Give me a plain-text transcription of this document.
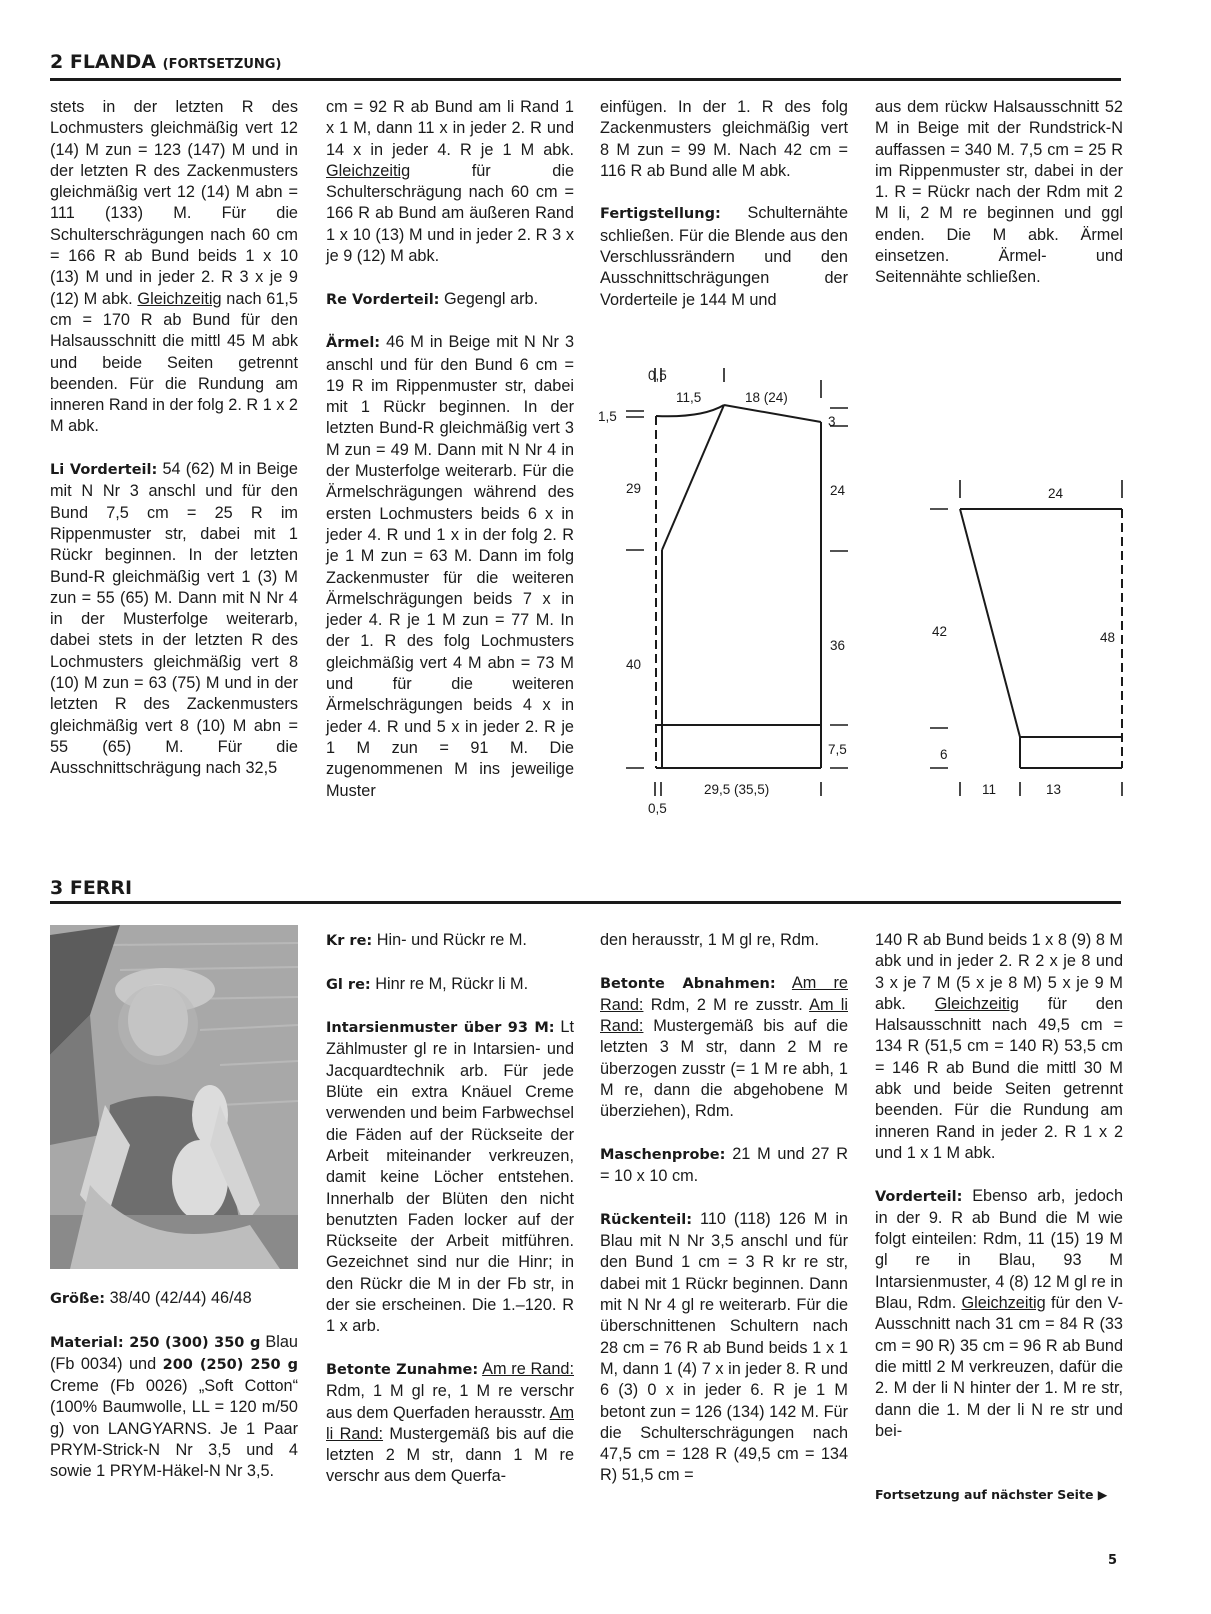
2 FLANDA (FORTSETZUNG)

stets in der letzten R des Lochmusters gleichmäßig vert 12 (14) M zun = 123 (147) M und in der letzten R des Zackenmusters gleichmäßig vert 12 (14) M abn = 111 (133) M. Für die Schulterschrägungen nach 60 cm = 166 R ab Bund beids 1 x 10 (13) M und in jeder 2. R 3 x je 9 (12) M abk. Gleichzeitig nach 61,5 cm = 170 R ab Bund für den Halsausschnitt die mittl 45 M abk und beide Seiten getrennt beenden. Für die Rundung am inneren Rand in der folg 2. R 1 x 2 M abk.

Li Vorderteil: 54 (62) M in Beige mit N Nr 3 anschl und für den Bund 7,5 cm = 25 R im Rippenmuster str, dabei mit 1 Rückr beginnen. In der letzten Bund-R gleichmäßig vert 1 (3) M zun = 55 (65) M. Dann mit N Nr 4 in der Musterfolge weiterarb, dabei stets in der letzten R des Lochmusters gleichmäßig vert 8 (10) M zun = 63 (75) M und in der letzten R des Zackenmusters gleichmäßig vert 8 (10) M abn = 55 (65) M. Für die Ausschnittschrägung nach 32,5

cm = 92 R ab Bund am li Rand 1 x 1 M, dann 11 x in jeder 2. R und 14 x in jeder 4. R je 1 M abk. Gleichzeitig für die Schulterschrägung nach 60 cm = 166 R ab Bund am äußeren Rand 1 x 10 (13) M und in jeder 2. R 3 x je 9 (12) M abk.

Re Vorderteil: Gegengl arb.

Ärmel: 46 M in Beige mit N Nr 3 anschl und für den Bund 6 cm = 19 R im Rippenmuster str, dabei mit 1 Rückr beginnen. In der letzten Bund-R gleichmäßig vert 3 M zun = 49 M. Dann mit N Nr 4 in der Musterfolge weiterarb. Für die Ärmelschrägungen während des ersten Lochmusters beids 6 x in jeder 4. R und 1 x in der folg 2. R je 1 M zun = 63 M. Dann im folg Zackenmuster für die weiteren Ärmelschrägungen beids 7 x in jeder 4. R je 1 M zun = 77 M. In der 1. R des folg Lochmusters gleichmäßig vert 4 M abn = 73 M und für die weiteren Ärmelschrägungen beids 4 x in jeder 4. R und 5 x in jeder 2. R je 1 M zun = 91 M. Die zugenommenen M ins jeweilige Muster

einfügen. In der 1. R des folg Zackenmusters gleichmäßig vert 8 M zun = 99 M. Nach 42 cm = 116 R ab Bund alle M abk.

Fertigstellung: Schulternähte schließen. Für die Blende aus den Verschlussrändern und den Ausschnittschrägungen der Vorderteile je 144 M und

aus dem rückw Halsausschnitt 52 M in Beige mit der Rundstrick-N auffassen = 340 M. 7,5 cm = 25 R im Rippenmuster str, dabei in der 1. R = Rückr nach der Rdm mit 2 M li, 2 M re beginnen und ggl enden. Die M abk. Ärmel einsetzen. Ärmel- und Seitennähte schließen.

0,5
11,5	18 (24)
1,5	3
29	24
40
36
7,5
29,5 (35,5)
0,5
24
42	48
6
11	13
3 FERRI

Größe: 38/40 (42/44) 46/48

Material: 250 (300) 350 g Blau (Fb 0034) und 200 (250) 250 g Creme (Fb 0026) „Soft Cotton“ (100% Baumwolle, LL = 120 m/50 g) von LANGYARNS. Je 1 Paar PRYM-Strick-N Nr 3,5 und 4 sowie 1 PRYM-Häkel-N Nr 3,5.

Kr re: Hin- und Rückr re M.

Gl re: Hinr re M, Rückr li M.

Intarsienmuster über 93 M: Lt Zählmuster gl re in Intarsien- und Jacquardtechnik arb. Für jede Blüte ein extra Knäuel Creme verwenden und beim Farbwechsel die Fäden auf der Rückseite der Arbeit miteinander verkreuzen, damit keine Löcher entstehen. Innerhalb der Blüten den nicht benutzten Faden locker auf der Rückseite der Arbeit mitführen. Gezeichnet sind nur die Hinr; in den Rückr die M in der Fb str, in der sie erscheinen. Die 1.–120. R 1 x arb.

Betonte Zunahme: Am re Rand: Rdm, 1 M gl re, 1 M re verschr aus dem Querfaden herausstr. Am li Rand: Mustergemäß bis auf die letzten 2 M str, dann 1 M re verschr aus dem Querfa-

den herausstr, 1 M gl re, Rdm.

Betonte Abnahmen: Am re Rand: Rdm, 2 M re zusstr. Am li Rand: Mustergemäß bis auf die letzten 3 M str, dann 2 M re überzogen zusstr (= 1 M re abh, 1 M re, dann die abgehobene M überziehen), Rdm.

Maschenprobe: 21 M und 27 R = 10 x 10 cm.

Rückenteil: 110 (118) 126 M in Blau mit N Nr 3,5 anschl und für den Bund 1 cm = 3 R kr re str, dabei mit 1 Rückr beginnen. Dann mit N Nr 4 gl re weiterarb. Für die überschnittenen Schultern nach 28 cm = 76 R ab Bund beids 1 x 1 M, dann 1 (4) 7 x in jeder 8. R und 6 (3) 0 x in jeder 6. R je 1 M betont zun = 126 (134) 142 M. Für die Schulterschrägungen nach 47,5 cm = 128 R (49,5 cm = 134 R) 51,5 cm =

140 R ab Bund beids 1 x 8 (9) 8 M abk und in jeder 2. R 2 x je 8 und 3 x je 7 M (5 x je 8 M) 5 x je 9 M abk. Gleichzeitig für den Halsausschnitt nach 49,5 cm = 134 R (51,5 cm = 140 R) 53,5 cm = 146 R ab Bund die mittl 30 M abk und beide Seiten getrennt beenden. Für die Rundung am inneren Rand in jeder 2. R 1 x 2 und 1 x 1 M abk.

Vorderteil: Ebenso arb, jedoch in der 9. R ab Bund die M wie folgt einteilen: Rdm, 11 (15) 19 M gl re in Blau, 93 M Intarsienmuster, 4 (8) 12 M gl re in Blau, Rdm. Gleichzeitig für den V-Ausschnitt nach 31 cm = 84 R (33 cm = 90 R) 35 cm = 96 R ab Bund die mittl 2 M verkreuzen, dafür die 2. M der li N hinter der 1. M re str, dann die 1. M der li N re str und bei-

Fortsetzung auf nächster Seite ▶
5
